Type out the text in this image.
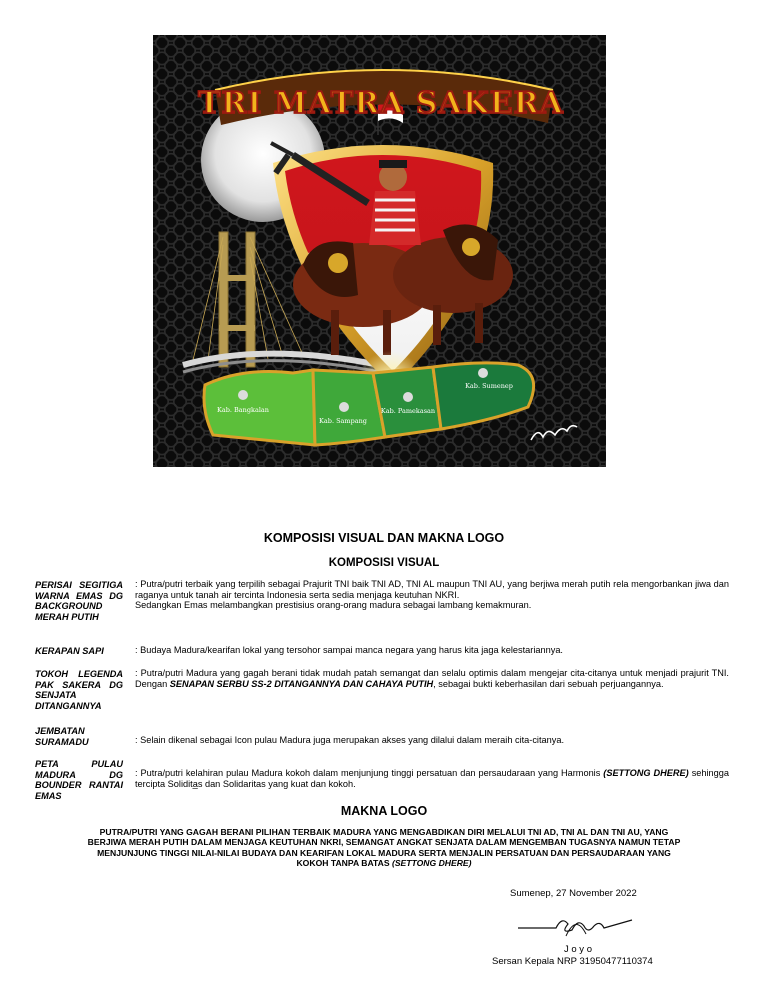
TRI MATRA SAKERA
Kab. Bangkalan
Kab. Sampang
Kab. Pamekasan
Kab. Sumenep
KOMPOSISI VISUAL DAN MAKNA LOGO
KOMPOSISI VISUAL
PERISAI SEGITIGA WARNA EMAS DG BACKGROUND MERAH PUTIH
: Putra/putri terbaik yang terpilih sebagai Prajurit TNI baik TNI AD, TNI AL maupun TNI AU, yang berjiwa merah putih rela mengorbankan jiwa dan raganya untuk tanah air tercinta Indonesia serta sedia menjaga keutuhan NKRI.
Sedangkan Emas melambangkan prestisius orang-orang madura sebagai lambang kemakmuran.
KERAPAN SAPI	: Budaya Madura/kearifan lokal yang tersohor sampai manca negara yang harus kita jaga kelestariannya.
TOKOH LEGENDA PAK SAKERA DG SENJATA DITANGANNYA
: Putra/putri Madura yang gagah berani tidak mudah patah semangat dan selalu optimis dalam mengejar cita-citanya untuk menjadi prajurit TNI. Dengan SENAPAN SERBU SS-2 DITANGANNYA DAN CAHAYA PUTIH, sebagai bukti keberhasilan dari sebuah perjuangannya.
JEMBATAN SURAMADU	: Selain dikenal sebagai Icon pulau Madura juga merupakan akses yang dilalui dalam meraih cita-citanya.
PETA PULAU MADURA DG BOUNDER RANTAI EMAS
: Putra/putri kelahiran pulau Madura kokoh dalam menjunjung tinggi persatuan dan persaudaraan yang Harmonis (SETTONG DHERE) sehingga tercipta Solidita̲s dan Solidaritas yang kuat dan kokoh.
MAKNA LOGO
PUTRA/PUTRI YANG GAGAH BERANI PILIHAN TERBAIK MADURA YANG MENGABDIKAN DIRI MELALUI TNI AD, TNI AL DAN TNI AU, YANG BERJIWA MERAH PUTIH DALAM MENJAGA KEUTUHAN NKRI, SEMANGAT ANGKAT SENJATA DALAM MENGEMBAN TUGASNYA NAMUN TETAP MENJUNJUNG TINGGI NILAI-NILAI BUDAYA DAN KEARIFAN LOKAL MADURA SERTA MENJALIN PERSATUAN DAN PERSAUDARAAN YANG KOKOH TANPA BATAS (SETTONG DHERE)
Sumenep, 27 November 2022
J o y o
Sersan Kepala NRP 31950477110374
